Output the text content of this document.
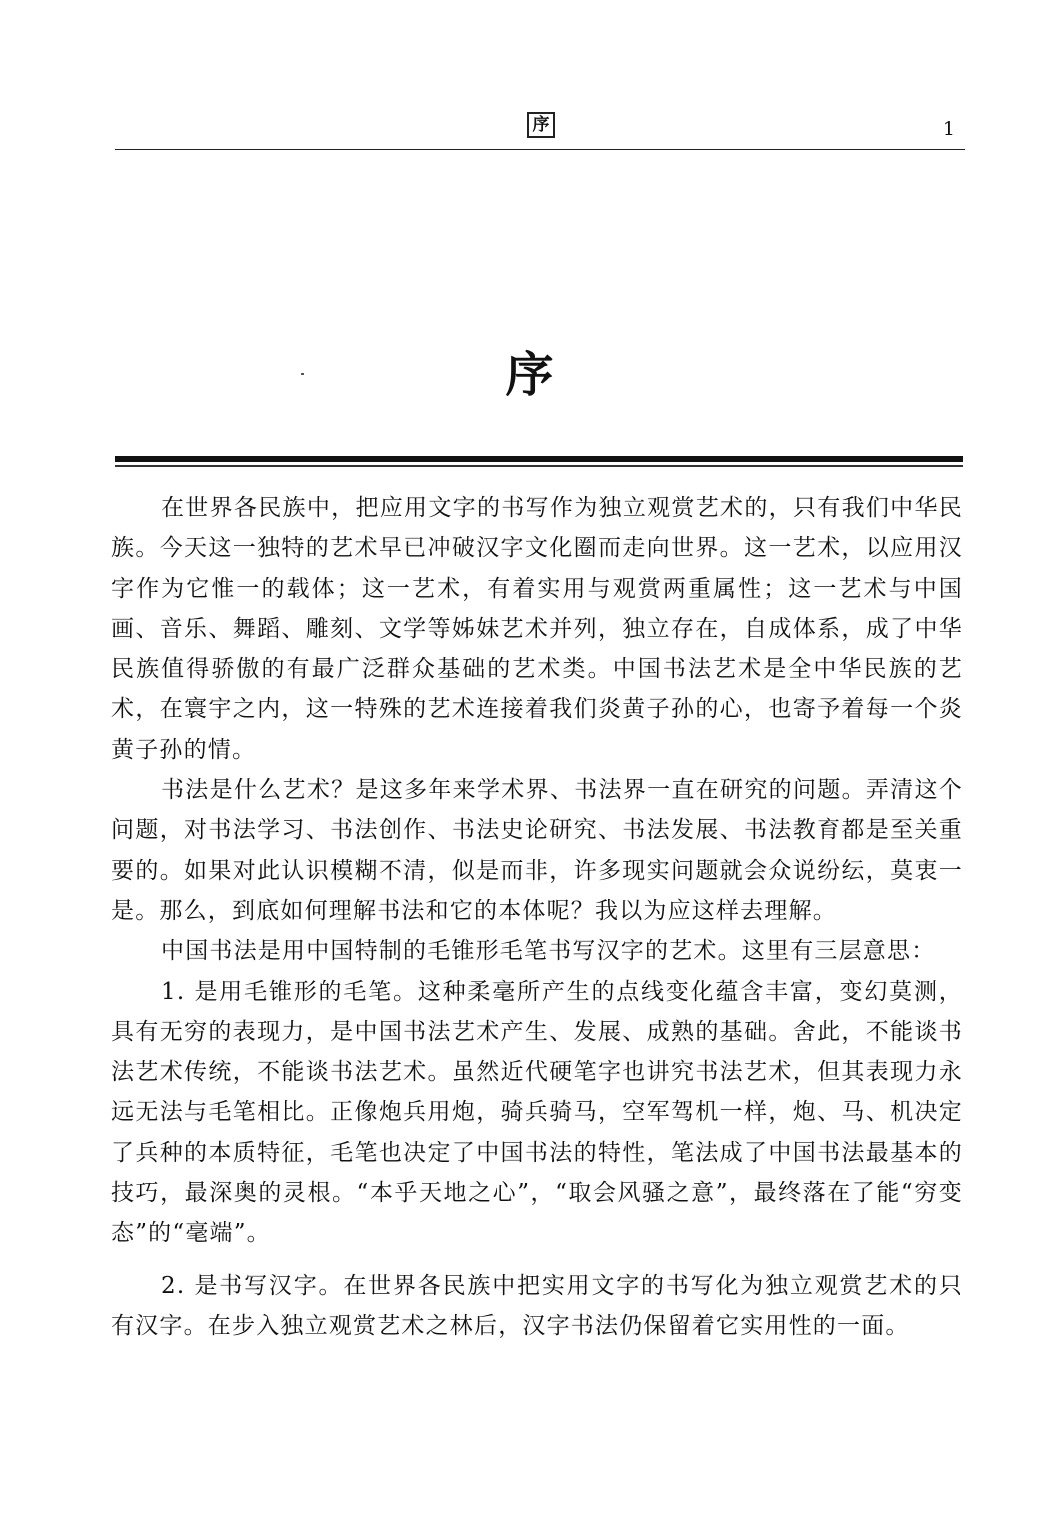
序	1
序

在世界各民族中，把应用文字的书写作为独立观赏艺术的，只有我们中华民族。今天这一独特的艺术早已冲破汉字文化圈而走向世界。这一艺术，以应用汉字作为它惟一的载体；这一艺术，有着实用与观赏两重属性；这一艺术与中国画、音乐、舞蹈、雕刻、文学等姊妹艺术并列，独立存在，自成体系，成了中华民族值得骄傲的有最广泛群众基础的艺术类。中国书法艺术是全中华民族的艺术，在寰宇之内，这一特殊的艺术连接着我们炎黄子孙的心，也寄予着每一个炎黄子孙的情。

书法是什么艺术？是这多年来学术界、书法界一直在研究的问题。弄清这个问题，对书法学习、书法创作、书法史论研究、书法发展、书法教育都是至关重要的。如果对此认识模糊不清，似是而非，许多现实问题就会众说纷纭，莫衷一是。那么，到底如何理解书法和它的本体呢？我以为应这样去理解。

中国书法是用中国特制的毛锥形毛笔书写汉字的艺术。这里有三层意思：

1. 是用毛锥形的毛笔。这种柔毫所产生的点线变化蕴含丰富，变幻莫测，具有无穷的表现力，是中国书法艺术产生、发展、成熟的基础。舍此，不能谈书法艺术传统，不能谈书法艺术。虽然近代硬笔字也讲究书法艺术，但其表现力永远无法与毛笔相比。正像炮兵用炮，骑兵骑马，空军驾机一样，炮、马、机决定了兵种的本质特征，毛笔也决定了中国书法的特性，笔法成了中国书法最基本的技巧，最深奥的灵根。“本乎天地之心”，“取会风骚之意”，最终落在了能“穷变态”的“毫端”。

2. 是书写汉字。在世界各民族中把实用文字的书写化为独立观赏艺术的只有汉字。在步入独立观赏艺术之林后，汉字书法仍保留着它实用性的一面。
